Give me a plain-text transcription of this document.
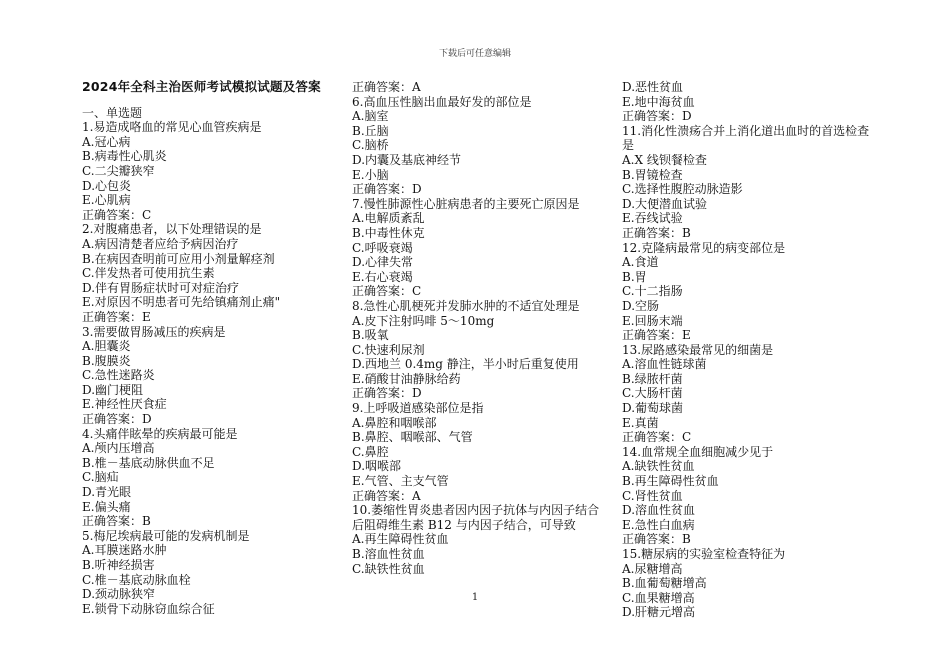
下载后可任意编辑
2024年全科主治医师考试模拟试题及答案
一、单选题
1.易造成咯血的常见心血管疾病是
A.冠心病
B.病毒性心肌炎
C.二尖瓣狭窄
D.心包炎
E.心肌病
正确答案：C
2.对腹痛患者，以下处理错误的是
A.病因清楚者应给予病因治疗
B.在病因查明前可应用小剂量解痉剂
C.伴发热者可使用抗生素
D.伴有胃肠症状时可对症治疗
E.对原因不明患者可先给镇痛剂止痛"
正确答案：E
3.需要做胃肠减压的疾病是
A.胆囊炎
B.腹膜炎
C.急性迷路炎
D.幽门梗阻
E.神经性厌食症
正确答案：D
4.头痛伴眩晕的疾病最可能是
A.颅内压增高
B.椎－基底动脉供血不足
C.脑疝
D.青光眼
E.偏头痛
正确答案：B
5.梅尼埃病最可能的发病机制是
A.耳膜迷路水肿
B.听神经损害
C.椎－基底动脉血栓
D.颈动脉狭窄
E.锁骨下动脉窃血综合征
正确答案：A
6.高血压性脑出血最好发的部位是
A.脑室
B.丘脑
C.脑桥
D.内囊及基底神经节
E.小脑
正确答案：D
7.慢性肺源性心脏病患者的主要死亡原因是
A.电解质紊乱
B.中毒性休克
C.呼吸衰竭
D.心律失常
E.右心衰竭
正确答案：C
8.急性心肌梗死并发肺水肿的不适宜处理是
A.皮下注射吗啡 5～10mg
B.吸氧
C.快速利尿剂
D.西地兰 0.4mg 静注，半小时后重复使用
E.硝酸甘油静脉给药
正确答案：D
9.上呼吸道感染部位是指
A.鼻腔和咽喉部
B.鼻腔、咽喉部、气管
C.鼻腔
D.咽喉部
E.气管、主支气管
正确答案：A
10.萎缩性胃炎患者因内因子抗体与内因子结合后阻碍维生素 B12 与内因子结合，可导致
A.再生障碍性贫血
B.溶血性贫血
C.缺铁性贫血
D.恶性贫血
E.地中海贫血
正确答案：D
11.消化性溃疡合并上消化道出血时的首选检查是
A.X 线钡餐检查
B.胃镜检查
C.选择性腹腔动脉造影
D.大便潜血试验
E.吞线试验
正确答案：B
12.克隆病最常见的病变部位是
A.食道
B.胃
C.十二指肠
D.空肠
E.回肠末端
正确答案：E
13.尿路感染最常见的细菌是
A.溶血性链球菌
B.绿脓杆菌
C.大肠杆菌
D.葡萄球菌
E.真菌
正确答案：C
14.血常规全血细胞减少见于
A.缺铁性贫血
B.再生障碍性贫血
C.肾性贫血
D.溶血性贫血
E.急性白血病
正确答案：B
15.糖尿病的实验室检查特征为
A.尿糖增高
B.血葡萄糖增高
C.血果糖增高
D.肝糖元增高
1
